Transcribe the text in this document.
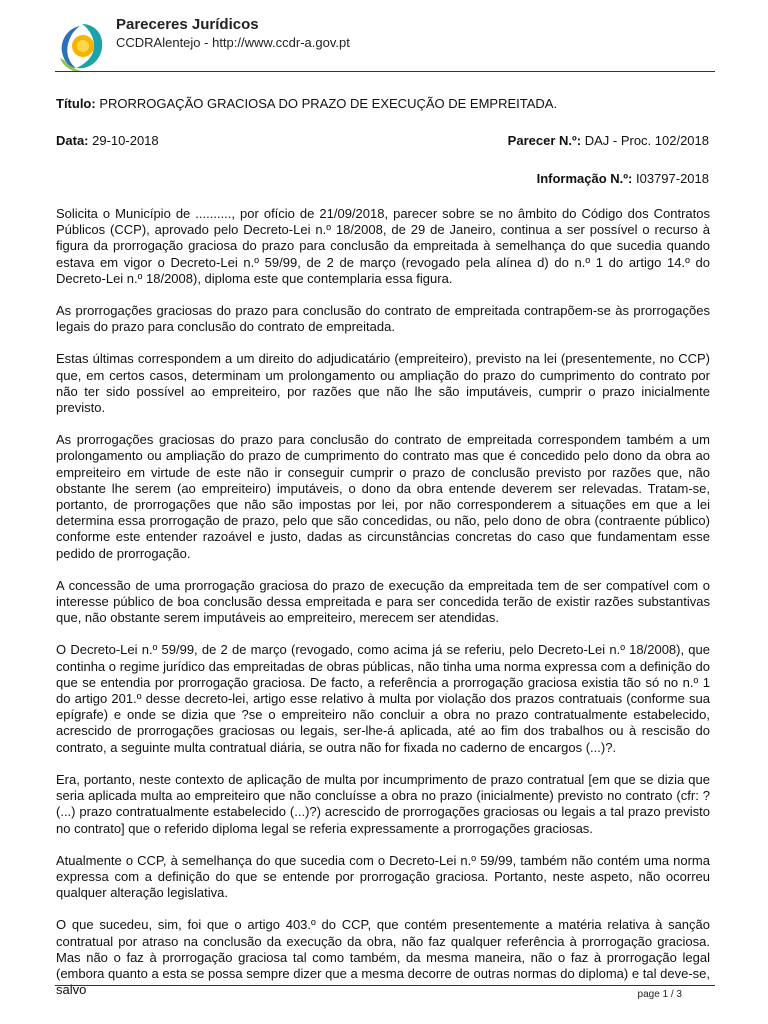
Pareceres Jurídicos
CCDRAlentejo - http://www.ccdr-a.gov.pt
Título: PRORROGAÇÃO GRACIOSA DO PRAZO DE EXECUÇÃO DE EMPREITADA.
Data: 29-10-2018	Parecer N.º: DAJ - Proc. 102/2018
Informação N.º: I03797-2018

Solicita o Município de .........., por ofício de 21/09/2018, parecer sobre se no âmbito do Código dos Contratos Públicos (CCP), aprovado pelo Decreto-Lei n.º 18/2008, de 29 de Janeiro, continua a ser possível o recurso à figura da prorrogação graciosa do prazo para conclusão da empreitada à semelhança do que sucedia quando estava em vigor o Decreto-Lei n.º 59/99, de 2 de março (revogado pela alínea d) do n.º 1 do artigo 14.º do Decreto-Lei n.º 18/2008), diploma este que contemplaria essa figura.

As prorrogações graciosas do prazo para conclusão do contrato de empreitada contrapõem-se às prorrogações legais do prazo para conclusão do contrato de empreitada.

Estas últimas correspondem a um direito do adjudicatário (empreiteiro), previsto na lei (presentemente, no CCP) que, em certos casos, determinam um prolongamento ou ampliação do prazo do cumprimento do contrato por não ter sido possível ao empreiteiro, por razões que não lhe são imputáveis, cumprir o prazo inicialmente previsto.

As prorrogações graciosas do prazo para conclusão do contrato de empreitada correspondem também a um prolongamento ou ampliação do prazo de cumprimento do contrato mas que é concedido pelo dono da obra ao empreiteiro em virtude de este não ir conseguir cumprir o prazo de conclusão previsto por razões que, não obstante lhe serem (ao empreiteiro) imputáveis, o dono da obra entende deverem ser relevadas. Tratam-se, portanto, de prorrogações que não são impostas por lei, por não corresponderem a situações em que a lei determina essa prorrogação de prazo, pelo que são concedidas, ou não, pelo dono de obra (contraente público) conforme este entender razoável e justo, dadas as circunstâncias concretas do caso que fundamentam esse pedido de prorrogação.

A concessão de uma prorrogação graciosa do prazo de execução da empreitada tem de ser compatível com o interesse público de boa conclusão dessa empreitada e para ser concedida terão de existir razões substantivas que, não obstante serem imputáveis ao empreiteiro, merecem ser atendidas.

O Decreto-Lei n.º 59/99, de 2 de março (revogado, como acima já se referiu, pelo Decreto-Lei n.º 18/2008), que continha o regime jurídico das empreitadas de obras públicas, não tinha uma norma expressa com a definição do que se entendia por prorrogação graciosa. De facto, a referência a prorrogação graciosa existia tão só no n.º 1 do artigo 201.º desse decreto-lei, artigo esse relativo à multa por violação dos prazos contratuais (conforme sua epígrafe) e onde se dizia que ?se o empreiteiro não concluir a obra no prazo contratualmente estabelecido, acrescido de prorrogações graciosas ou legais, ser-lhe-á aplicada, até ao fim dos trabalhos ou à rescisão do contrato, a seguinte multa contratual diária, se outra não for fixada no caderno de encargos (...)?.

Era, portanto, neste contexto de aplicação de multa por incumprimento de prazo contratual [em que se dizia que seria aplicada multa ao empreiteiro que não concluísse a obra no prazo (inicialmente) previsto no contrato (cfr: ?(...) prazo contratualmente estabelecido (...)?) acrescido de prorrogações graciosas ou legais a tal prazo previsto no contrato] que o referido diploma legal se referia expressamente a prorrogações graciosas.

Atualmente o CCP, à semelhança do que sucedia com o Decreto-Lei n.º 59/99, também não contém uma norma expressa com a definição do que se entende por prorrogação graciosa. Portanto, neste aspeto, não ocorreu qualquer alteração legislativa.

O que sucedeu, sim, foi que o artigo 403.º do CCP, que contém presentemente a matéria relativa à sanção contratual por atraso na conclusão da execução da obra, não faz qualquer referência à prorrogação graciosa. Mas não o faz à prorrogação graciosa tal como também, da mesma maneira, não o faz à prorrogação legal (embora quanto a esta se possa sempre dizer que a mesma decorre de outras normas do diploma) e tal deve-se, salvo	page 1 / 3
